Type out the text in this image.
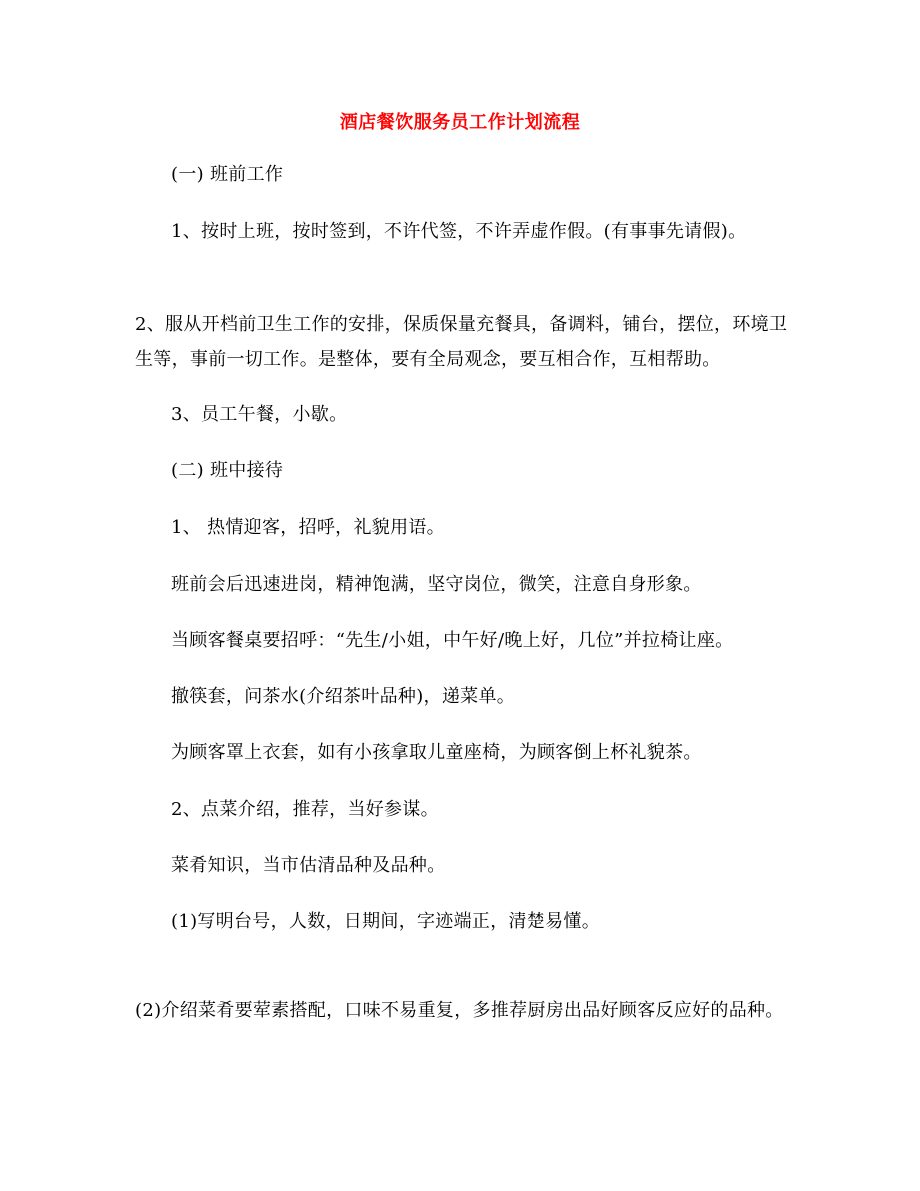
酒店餐饮服务员工作计划流程
(一) 班前工作
1、按时上班，按时签到，不许代签，不许弄虚作假。(有事事先请假)。
2、服从开档前卫生工作的安排，保质保量充餐具，备调料，铺台，摆位，环境卫生等，事前一切工作。是整体，要有全局观念，要互相合作，互相帮助。
3、员工午餐，小歇。
(二) 班中接待
1、 热情迎客，招呼，礼貌用语。
班前会后迅速进岗，精神饱满，坚守岗位，微笑，注意自身形象。
当顾客餐桌要招呼：“先生/小姐，中午好/晚上好，几位”并拉椅让座。
撤筷套，问茶水(介绍茶叶品种)，递菜单。
为顾客罩上衣套，如有小孩拿取儿童座椅，为顾客倒上杯礼貌茶。
2、点菜介绍，推荐，当好参谋。
菜肴知识，当市估清品种及品种。
(1)写明台号，人数，日期间，字迹端正，清楚易懂。
(2)介绍菜肴要荤素搭配，口味不易重复，多推荐厨房出品好顾客反应好的品种。
